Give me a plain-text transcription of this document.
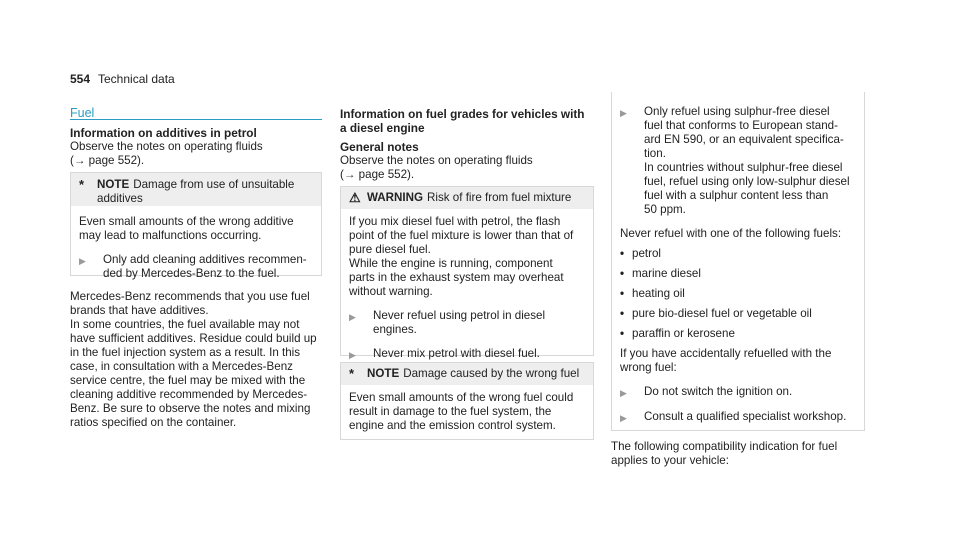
554 Technical data
Fuel
Information on additives in petrol

Observe the notes on operating fluids

(→ page 552).

*	NOTE Damage from use of unsuitable
additives

Even small amounts of the wrong additive

may lead to malfunctions occurring.

▶	Only add cleaning additives recommen-

ded by Mercedes-Benz to the fuel.

Mercedes-Benz recommends that you use fuel

brands that have additives.

In some countries, the fuel available may not

have sufficient additives. Residue could build up

in the fuel injection system as a result. In this

case, in consultation with a Mercedes-Benz

service centre, the fuel may be mixed with the

cleaning additive recommended by Mercedes-

Benz. Be sure to observe the notes and mixing

ratios specified on the container.

Information on fuel grades for vehicles with
a diesel engine
General notes

Observe the notes on operating fluids

(→ page 552).

⚠ WARNING Risk of fire from fuel mixture

If you mix diesel fuel with petrol, the flash

point of the fuel mixture is lower than that of

pure diesel fuel.

While the engine is running, component

parts in the exhaust system may overheat

without warning.

▶	Never refuel using petrol in diesel

engines.

▶	Never mix petrol with diesel fuel.

*	NOTE Damage caused by the wrong fuel

Even small amounts of the wrong fuel could

result in damage to the fuel system, the

engine and the emission control system.

▶	Only refuel using sulphur-free diesel

fuel that conforms to European stand-

ard EN 590, or an equivalent specifica-

tion.

In countries without sulphur-free diesel

fuel, refuel using only low-sulphur diesel

fuel with a sulphur content less than

50 ppm.

Never refuel with one of the following fuels:

• petrol
• marine diesel
• heating oil
• pure bio-diesel fuel or vegetable oil
• paraffin or kerosene

If you have accidentally refuelled with the

wrong fuel:

▶	Do not switch the ignition on.

▶	Consult a qualified specialist workshop.

The following compatibility indication for fuel

applies to your vehicle:
